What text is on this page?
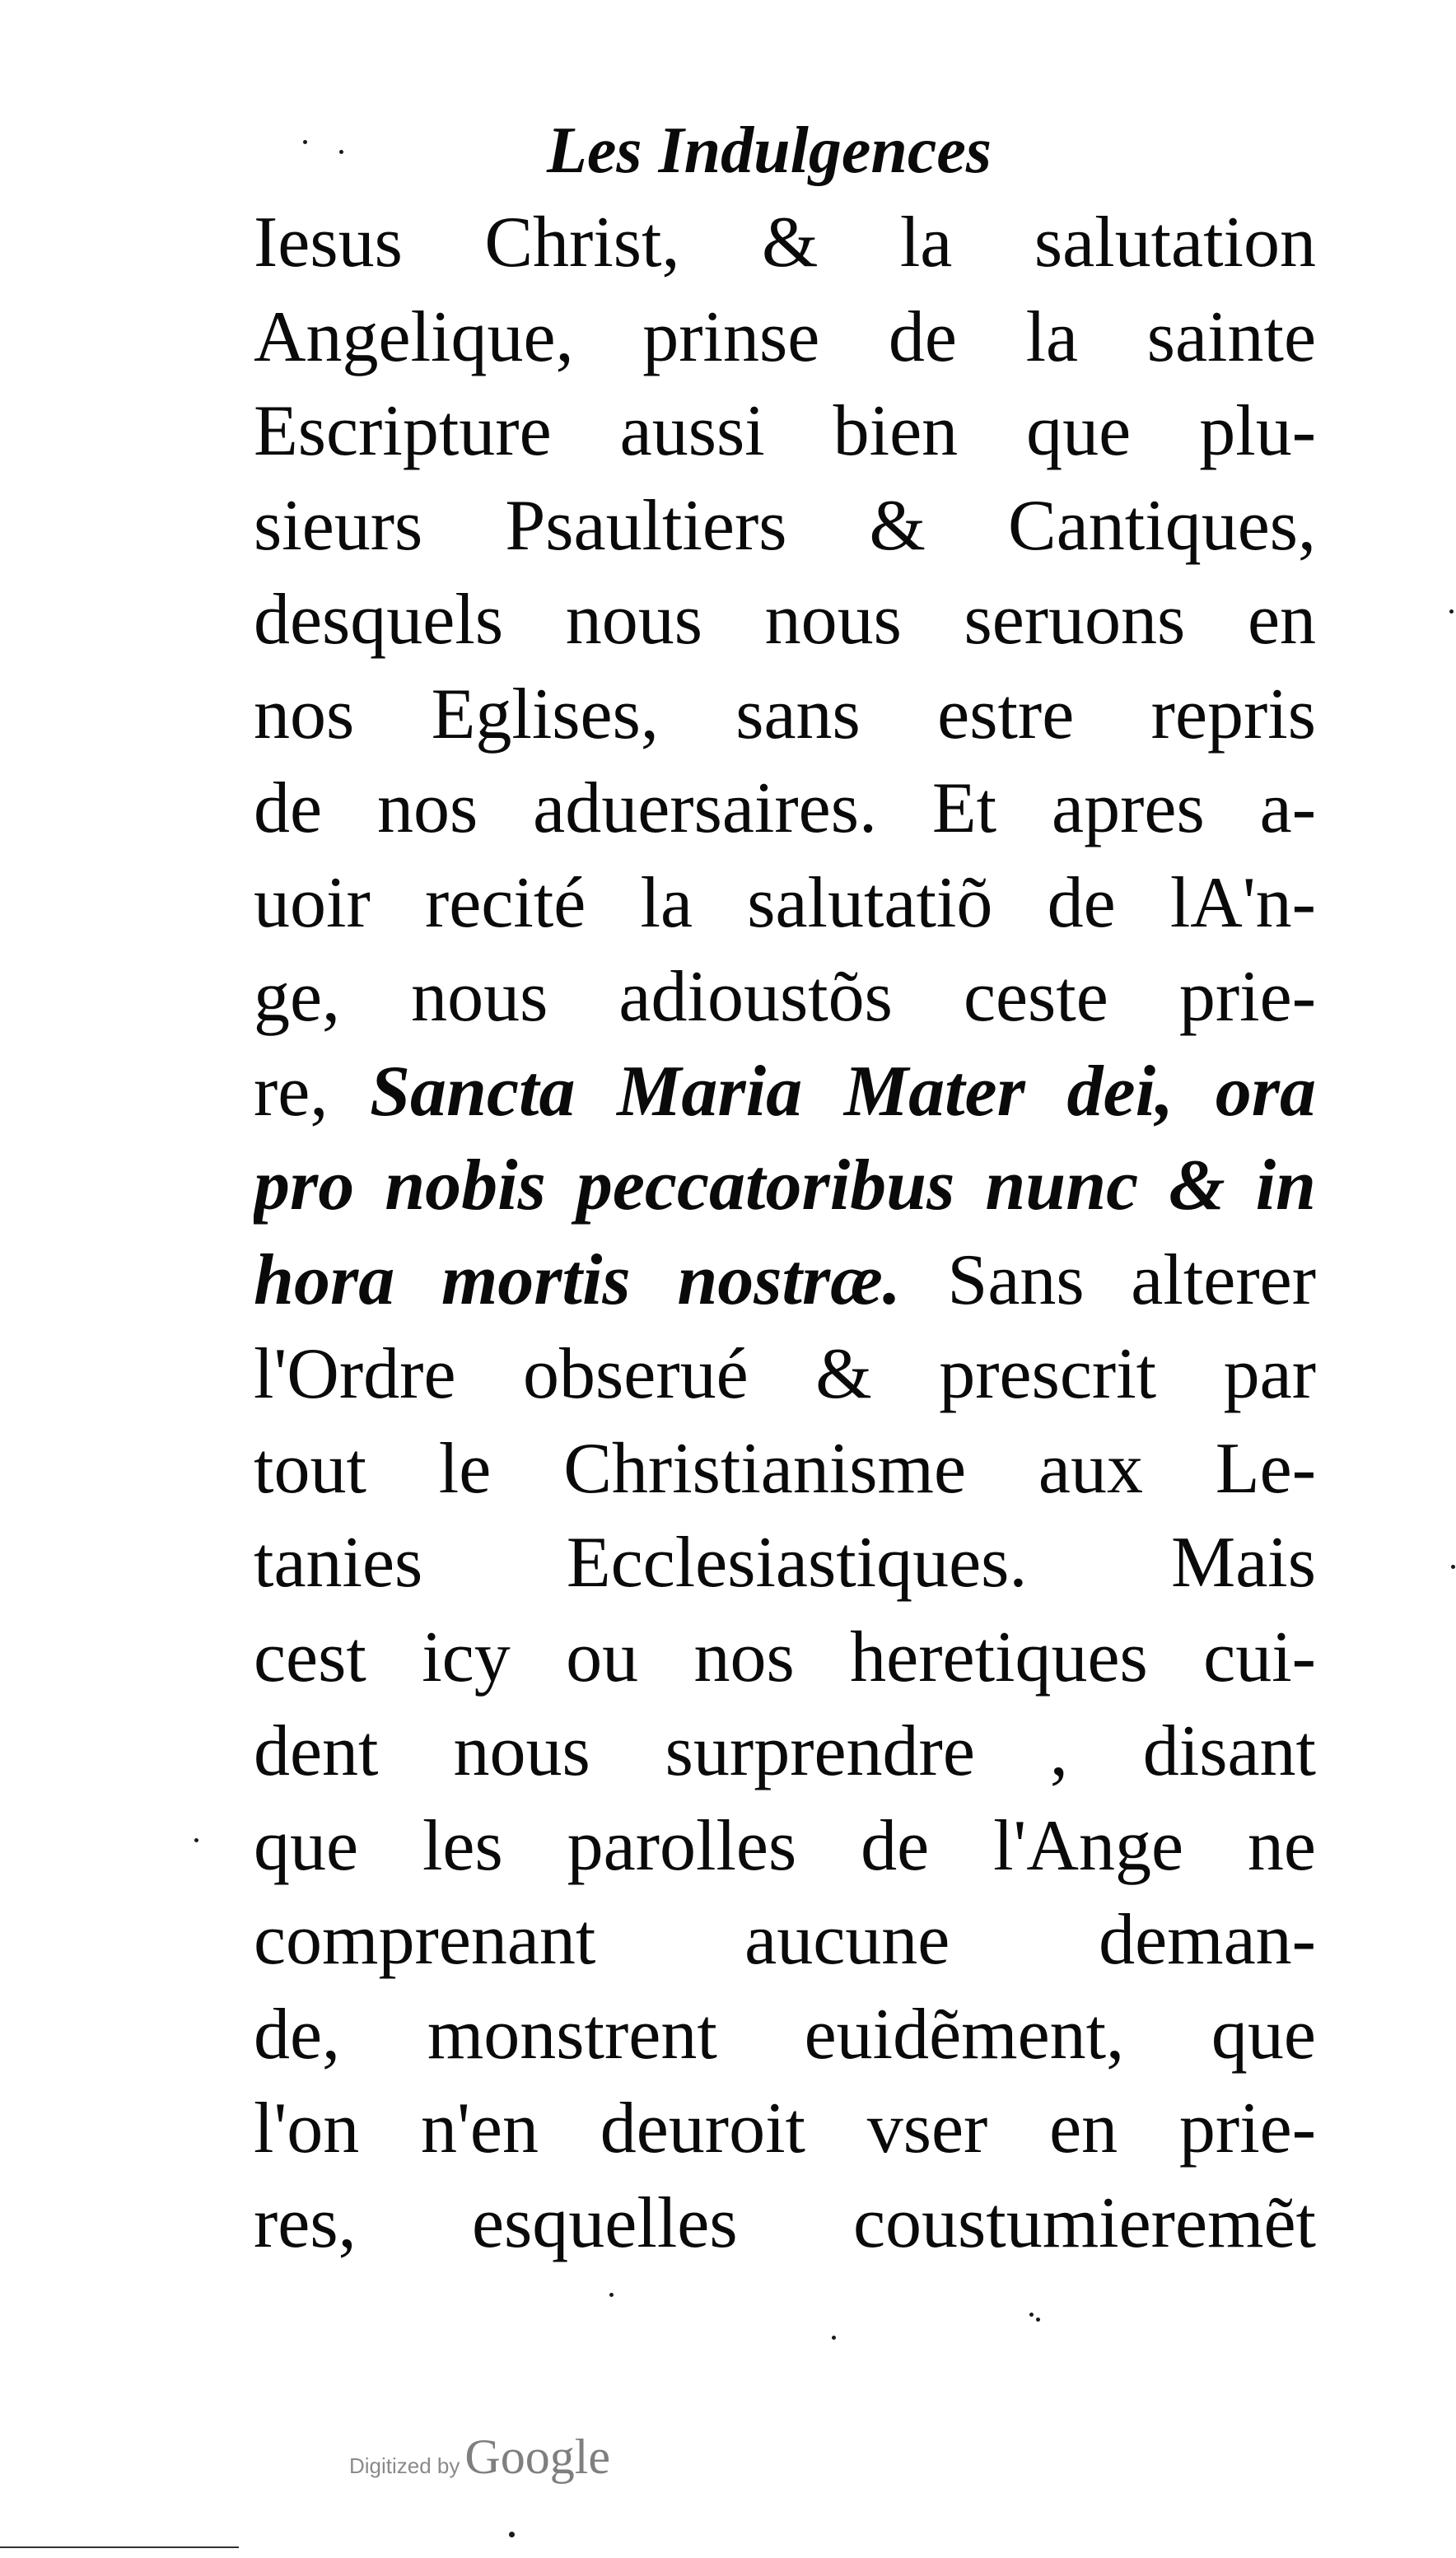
Les Indulgences
Iesus Christ, & la salutation
Angelique, prinse de la sainte
Escripture aussi bien que plu-
sieurs Psaultiers & Cantiques,
desquels nous nous seruons en
nos Eglises, sans estre repris
de nos aduersaires. Et apres a-
uoir recité la salutatiõ de lA'n-
ge, nous adioustõs ceste prie-
re, Sancta Maria Mater dei, ora
pro nobis peccatoribus nunc & in
hora mortis nostræ. Sans alterer
l'Ordre obserué & prescrit par
tout le Christianisme aux Le-
tanies Ecclesiastiques. Mais
cest icy ou nos heretiques cui-
dent nous surprendre , disant
que les parolles de l'Ange ne
comprenant aucune deman-
de, monstrent euidẽment, que
l'on n'en deuroit vser en prie-
res, esquelles coustumieremẽt
Digitized by Google
